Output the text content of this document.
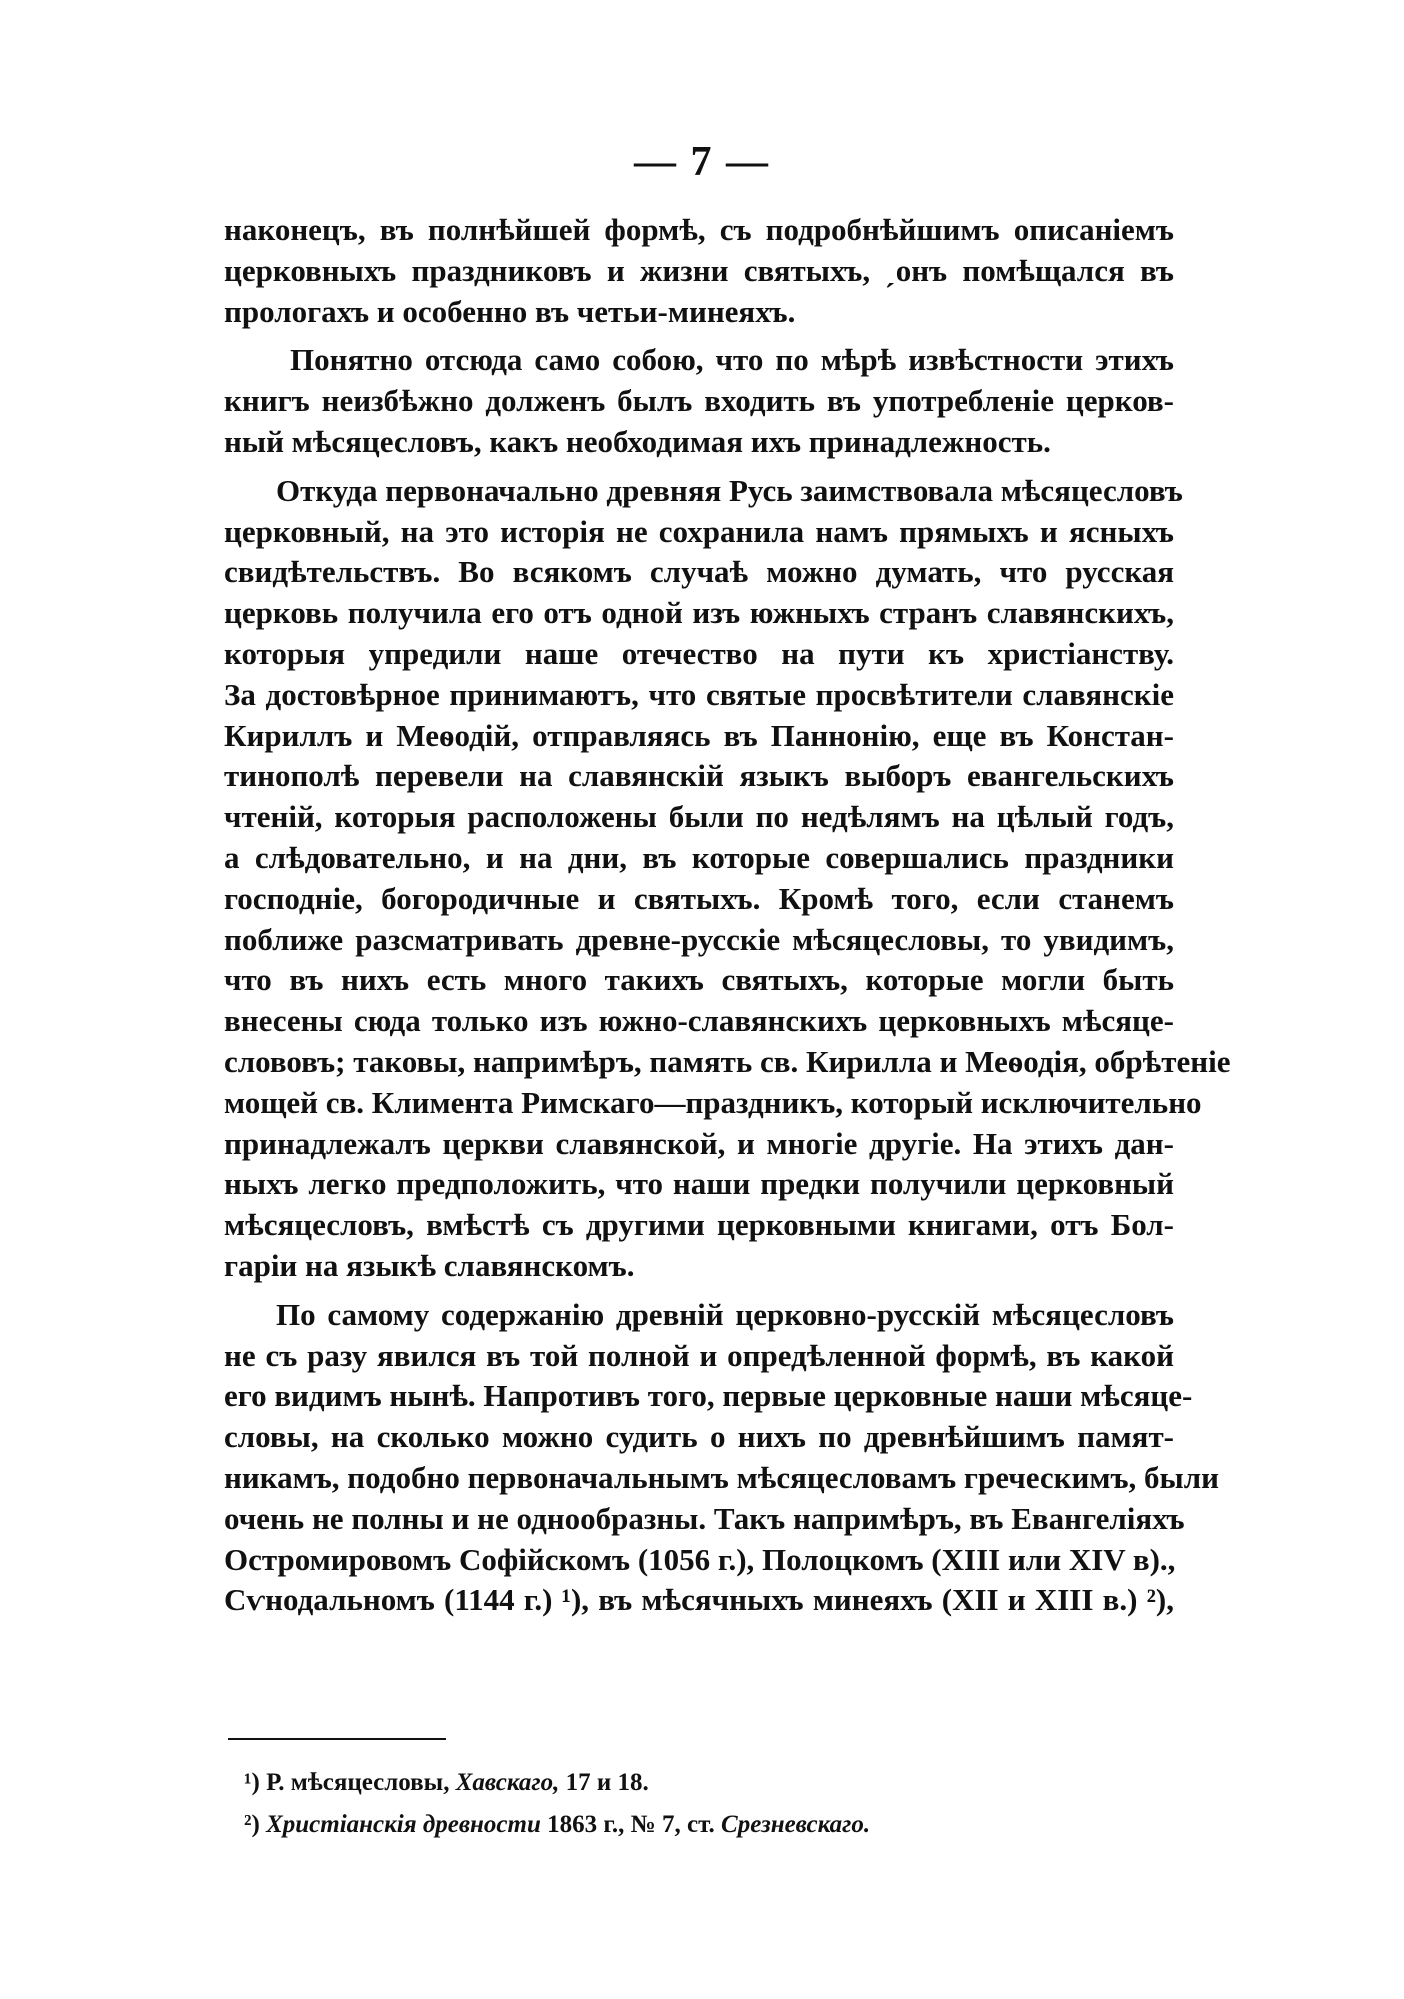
— 7 —
наконецъ, въ полнѣйшей формѣ, съ подробнѣйшимъ описаніемъ
церковныхъ праздниковъ и жизни святыхъ, ˏонъ помѣщался въ
прологахъ и особенно въ четьи-минеяхъ.
Понятно отсюда само собою, что по мѣрѣ извѣстности этихъ
книгъ неизбѣжно долженъ былъ входить въ употребленіе церков-
ный мѣсяцесловъ, какъ необходимая ихъ принадлежность.
Откуда первоначально древняя Русь заимствовала мѣсяцесловъ
церковный, на это исторія не сохранила намъ прямыхъ и ясныхъ
свидѣтельствъ. Во всякомъ случаѣ можно думать, что русская
церковь получила его отъ одной изъ южныхъ странъ славянскихъ,
которыя упредили наше отечество на пути къ христіанству.
За достовѣрное принимаютъ, что святые просвѣтители славянскіе
Кириллъ и Меѳодій, отправляясь въ Паннонію, еще въ Констан-
тинополѣ перевели на славянскій языкъ выборъ евангельскихъ
чтеній, которыя расположены были по недѣлямъ на цѣлый годъ,
а слѣдовательно, и на дни, въ которые совершались праздники
господніе, богородичные и святыхъ. Кромѣ того, если станемъ
поближе разсматривать древне-русскіе мѣсяцесловы, то увидимъ,
что въ нихъ есть много такихъ святыхъ, которые могли быть
внесены сюда только изъ южно-славянскихъ церковныхъ мѣсяце-
слововъ; таковы, напримѣръ, память св. Кирилла и Меѳодія, обрѣтеніе
мощей св. Климента Римскаго—праздникъ, который исключительно
принадлежалъ церкви славянской, и многіе другіе. На этихъ дан-
ныхъ легко предположить, что наши предки получили церковный
мѣсяцесловъ, вмѣстѣ съ другими церковными книгами, отъ Бол-
гаріи на языкѣ славянскомъ.
По самому содержанію древній церковно-русскій мѣсяцесловъ
не съ разу явился въ той полной и опредѣленной формѣ, въ какой
его видимъ нынѣ. Напротивъ того, первые церковные наши мѣсяце-
словы, на сколько можно судить о нихъ по древнѣйшимъ памят-
никамъ, подобно первоначальнымъ мѣсяцесловамъ греческимъ, были
очень не полны и не однообразны. Такъ напримѣръ, въ Евангеліяхъ
Остромировомъ Софійскомъ (1056 г.), Полоцкомъ (XIII или XIV в).,
Сѵнодальномъ (1144 г.) ¹), въ мѣсячныхъ минеяхъ (XII и XIII в.) ²),
¹) Р. мѣсяцесловы, Хавскаго, 17 и 18.
²) Христіанскія древности 1863 г., № 7, ст. Срезневскаго.
